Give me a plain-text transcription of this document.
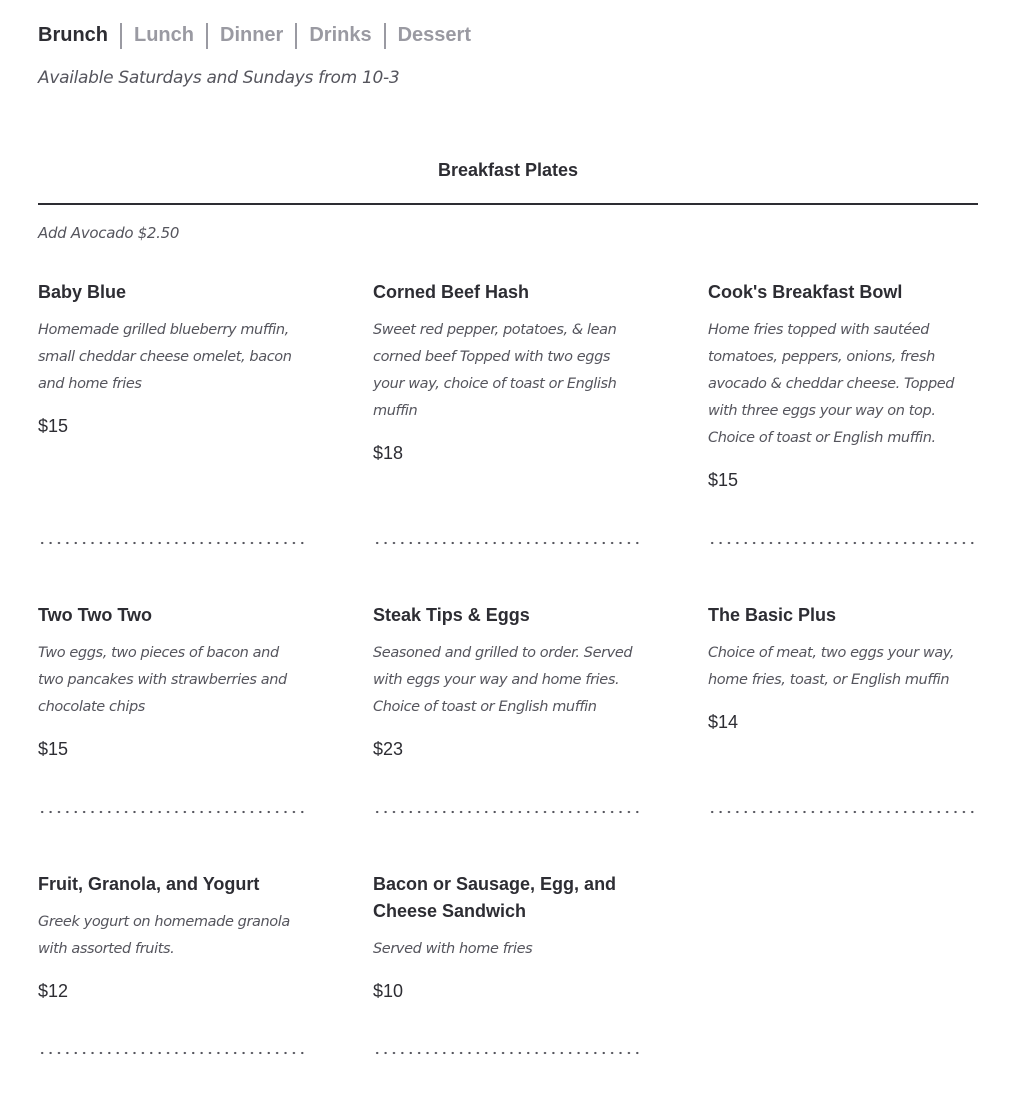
Brunch Lunch Dinner Drinks Dessert

Available Saturdays and Sundays from 10-3

Breakfast Plates

Add Avocado $2.50

Baby Blue
Homemade grilled blueberry muffin, small cheddar cheese omelet, bacon and home fries
$15
Corned Beef Hash
Sweet red pepper, potatoes, & lean corned beef Topped with two eggs your way, choice of toast or English muffin
$18
Cook's Breakfast Bowl
Home fries topped with sautéed tomatoes, peppers, onions, fresh avocado & cheddar cheese. Topped with three eggs your way on top. Choice of toast or English muffin.
$15
Two Two Two
Two eggs, two pieces of bacon and two pancakes with strawberries and chocolate chips
$15
Steak Tips & Eggs
Seasoned and grilled to order. Served with eggs your way and home fries. Choice of toast or English muffin
$23
The Basic Plus
Choice of meat, two eggs your way, home fries, toast, or English muffin
$14
Fruit, Granola, and Yogurt
Greek yogurt on homemade granola with assorted fruits.
$12
Bacon or Sausage, Egg, and Cheese Sandwich
Served with home fries
$10
